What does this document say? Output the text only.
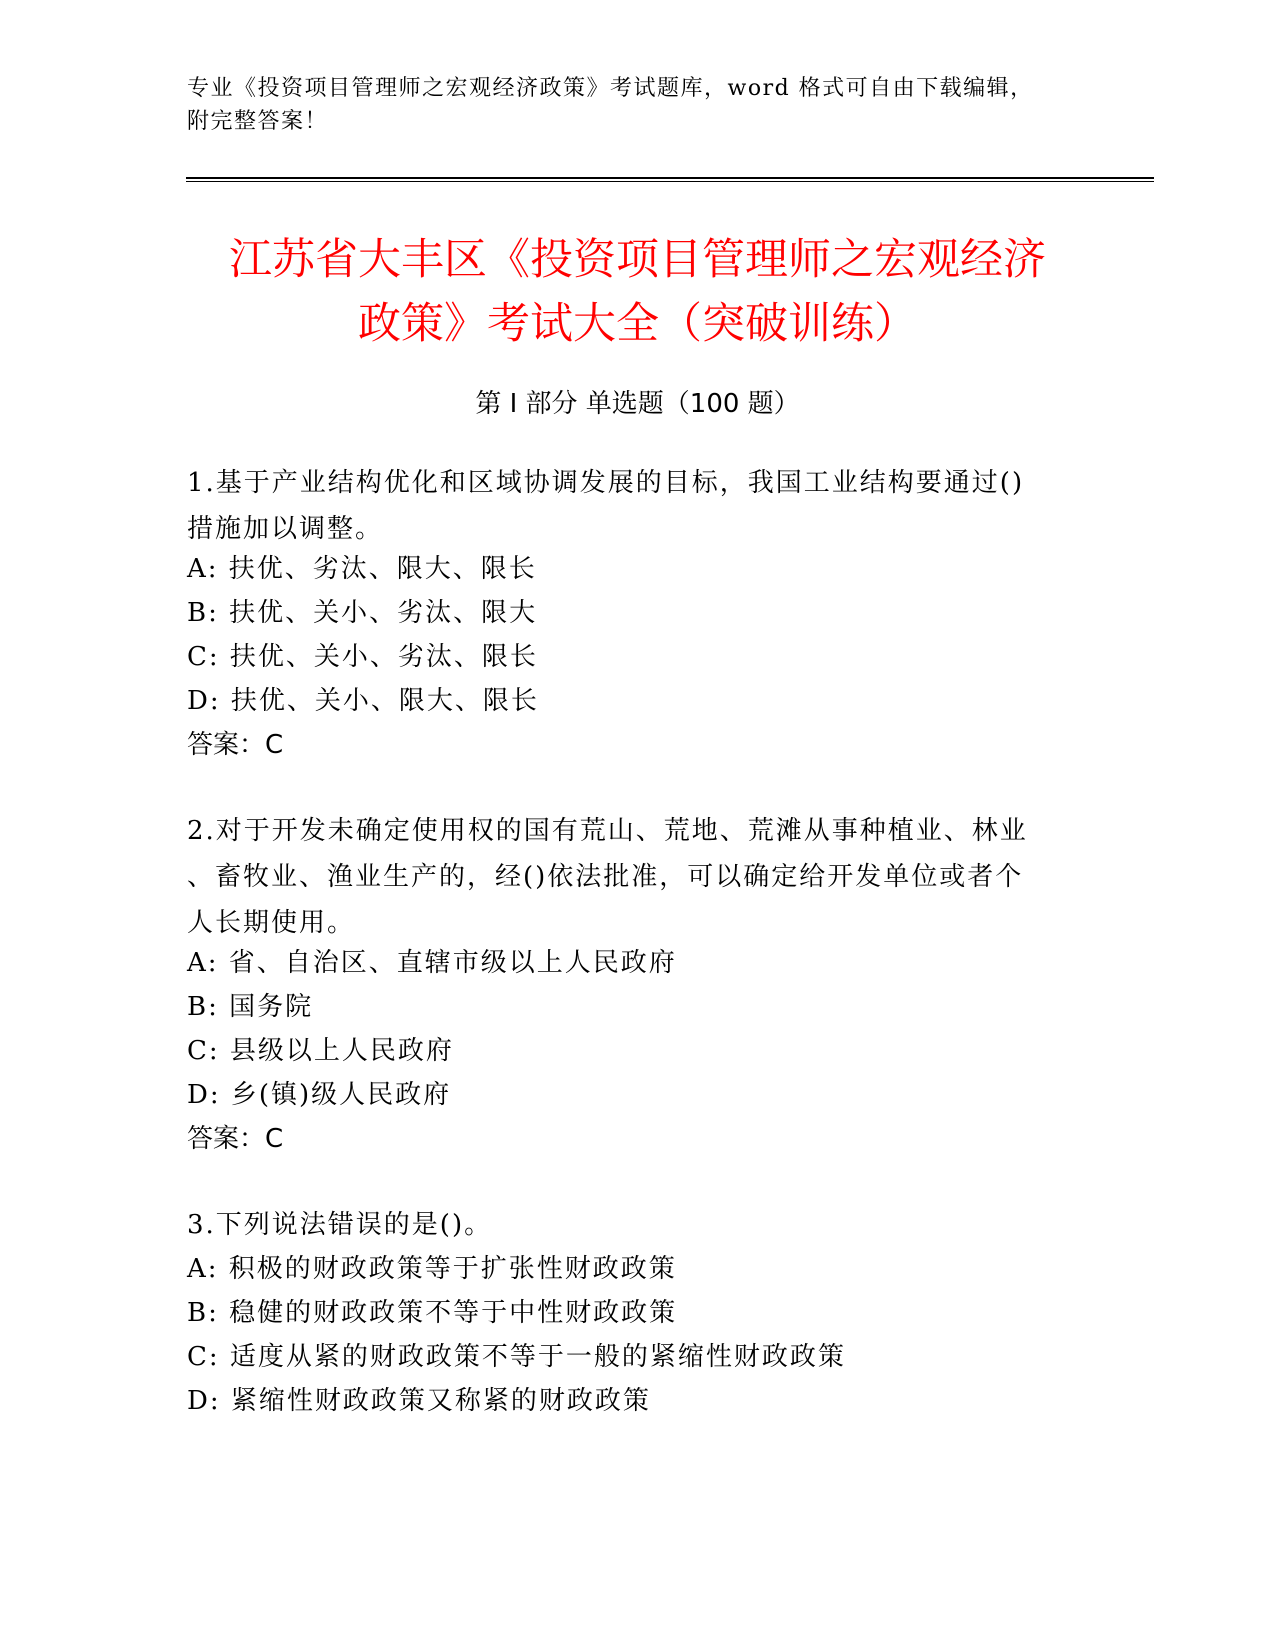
专业《投资项目管理师之宏观经济政策》考试题库，word 格式可自由下载编辑，
附完整答案！
江苏省大丰区《投资项目管理师之宏观经济
政策》考试大全（突破训练）
第 I 部分 单选题（100 题）
1.基于产业结构优化和区域协调发展的目标，我国工业结构要通过()
措施加以调整。
A: 扶优、劣汰、限大、限长
B: 扶优、关小、劣汰、限大
C: 扶优、关小、劣汰、限长
D: 扶优、关小、限大、限长
答案：C
2.对于开发未确定使用权的国有荒山、荒地、荒滩从事种植业、林业
、畜牧业、渔业生产的，经()依法批准，可以确定给开发单位或者个
人长期使用。
A: 省、自治区、直辖市级以上人民政府
B: 国务院
C: 县级以上人民政府
D: 乡(镇)级人民政府
答案：C
3.下列说法错误的是()。
A: 积极的财政政策等于扩张性财政政策
B: 稳健的财政政策不等于中性财政政策
C: 适度从紧的财政政策不等于一般的紧缩性财政政策
D: 紧缩性财政政策又称紧的财政政策
